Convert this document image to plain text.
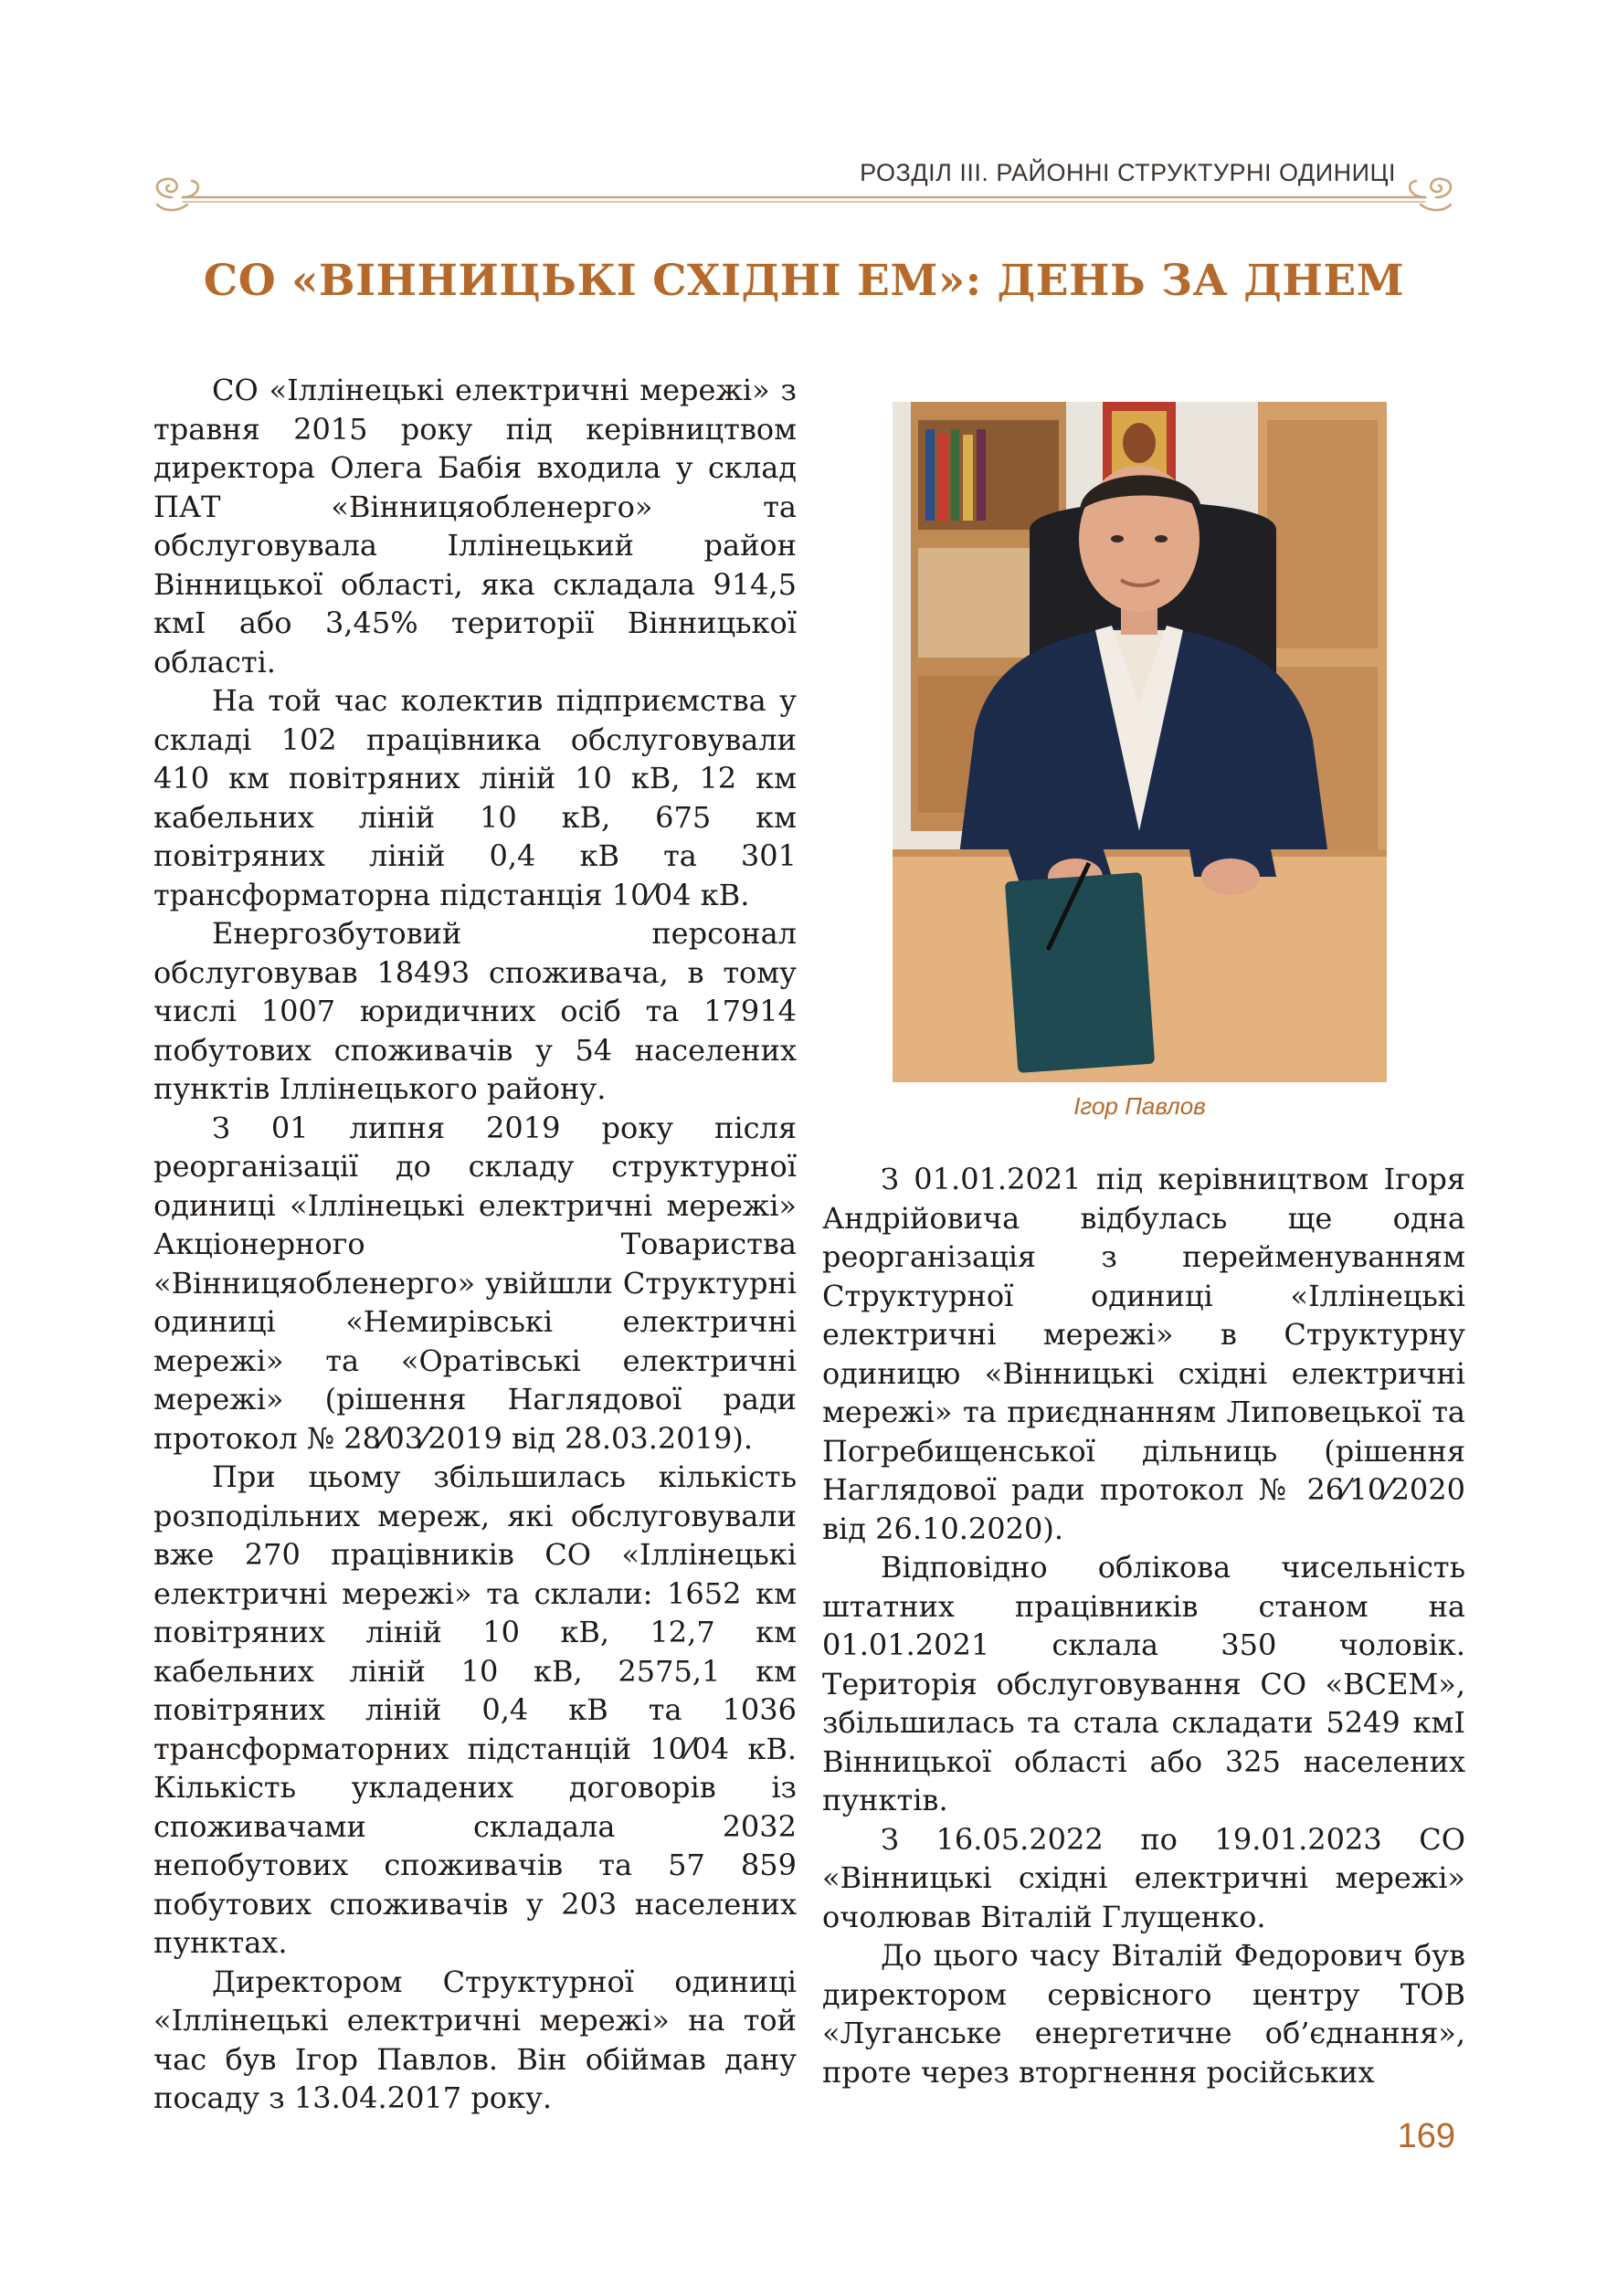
РОЗДІЛ ІІІ. РАЙОННІ СТРУКТУРНІ ОДИНИЦІ
СО «ВІННИЦЬКІ СХІДНІ ЕМ»: ДЕНЬ ЗА ДНЕМ

СО «Іллінецькі електричні мережі» з травня 2015 року під керівництвом директора Олега Бабія входила у склад ПАТ «Вінницяобленерго» та обслуговувала Іллінецький район Вінницької області, яка складала 914,5 кмІ або 3,45% території Вінницької області.

На той час колектив підприємства у складі 102 працівника обслуговували 410 км повітряних ліній 10 кВ, 12 км кабельних ліній 10 кВ, 675 км повітряних ліній 0,4 кВ та 301 трансформаторна підстанція 10⁄04 кВ.

Енергозбутовий персонал обслуговував 18493 споживача, в тому числі 1007 юридичних осіб та 17914 побутових споживачів у 54 населених пунктів Іллінецького району.

З 01 липня 2019 року після реорганізації до складу структурної одиниці «Іллінецькі електричні мережі» Акціонерного Товариства «Вінницяобленерго» увійшли Структурні одиниці «Немирівські електричні мережі» та «Оратівські електричні мережі» (рішення Наглядової ради протокол № 28⁄03⁄2019 від 28.03.2019).

При цьому збільшилась кількість розподільних мереж, які обслуговували вже 270 працівників СО «Іллінецькі електричні мережі» та склали: 1652 км повітряних ліній 10 кВ, 12,7 км кабельних ліній 10 кВ, 2575,1 км повітряних ліній 0,4 кВ та 1036 трансформаторних підстанцій 10⁄04 кВ. Кількість укладених договорів із споживачами складала 2032 непобутових споживачів та 57 859 побутових споживачів у 203 населених пунктах.

Директором Структурної одиниці «Іллінецькі електричні мережі» на той час був Ігор Павлов. Він обіймав дану посаду з 13.04.2017 року.

Ігор Павлов

З 01.01.2021 під керівництвом Ігоря Андрійовича відбулась ще одна реорганізація з перейменуванням Структурної одиниці «Іллінецькі електричні мережі» в Структурну одиницю «Вінницькі східні електричні мережі» та приєднанням Липовецької та Погребищенської дільниць (рішення Наглядової ради протокол № 26⁄10⁄2020 від 26.10.2020).

Відповідно облікова чисельність штатних працівників станом на 01.01.2021 склала 350 чоловік. Територія обслуговування СО «ВСЕМ», збільшилась та стала складати 5249 кмІ Вінницької області або 325 населених пунктів.

З 16.05.2022 по 19.01.2023 СО «Вінницькі східні електричні мережі» очолював Віталій Глущенко.

До цього часу Віталій Федорович був директором сервісного центру ТОВ «Луганське енергетичне об’єднання», проте через вторгнення російських

169
